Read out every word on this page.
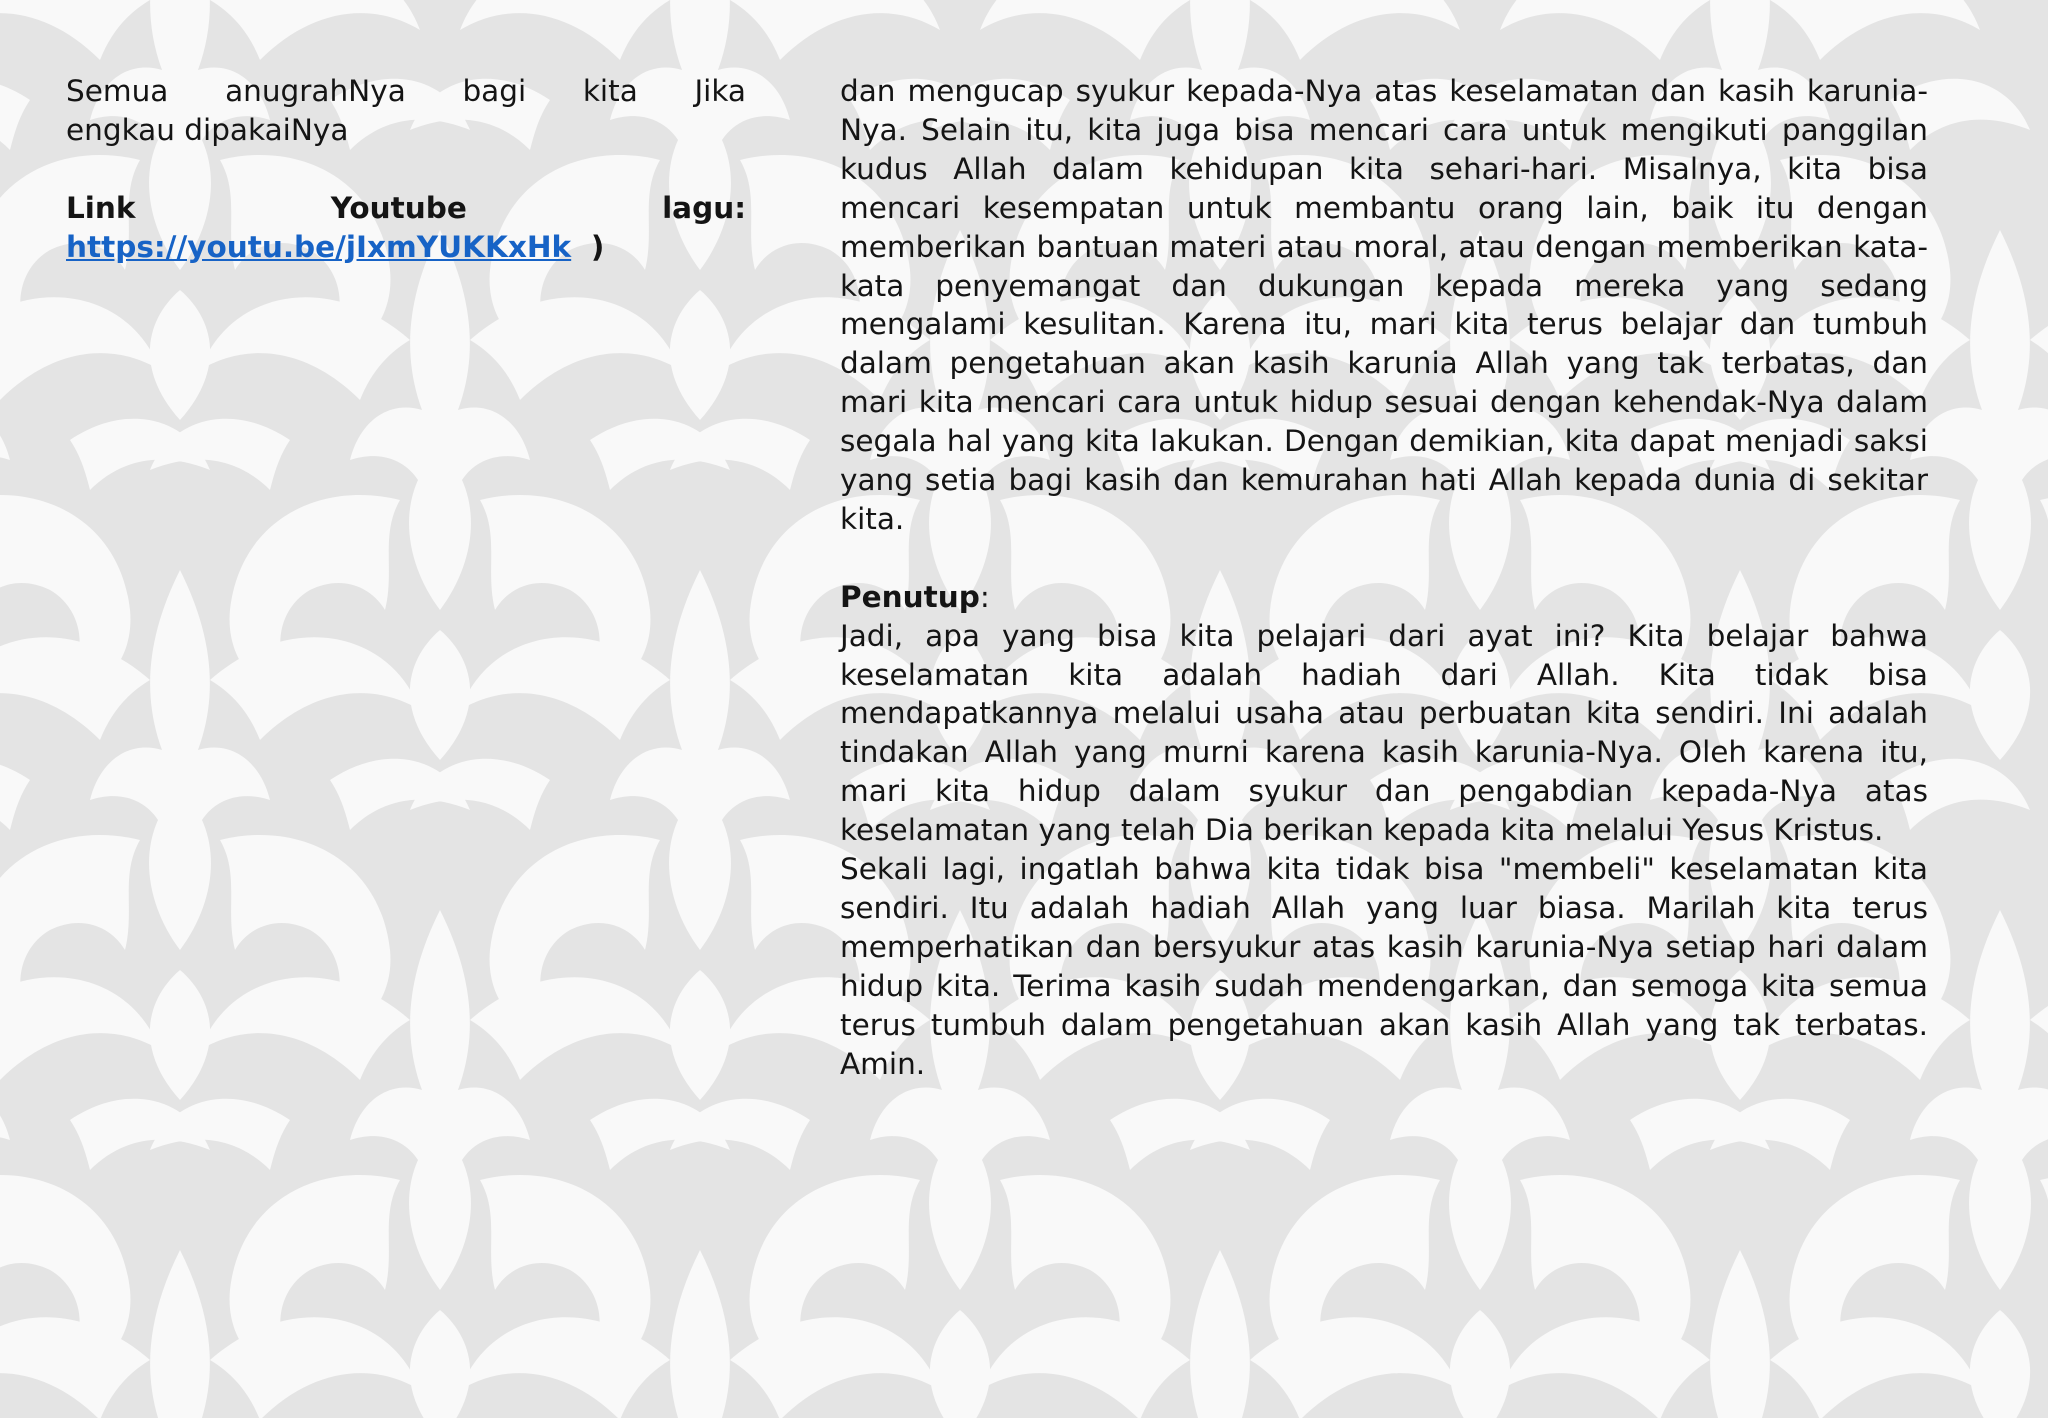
Semua anugrahNya bagi kita Jika

engkau dipakaiNya

Link	Youtube	lagu:

https://youtu.be/jIxmYUKKxHk )

dan mengucap syukur kepada-Nya atas keselamatan dan kasih karunia-Nya. Selain itu, kita juga bisa mencari cara untuk mengikuti panggilan kudus Allah dalam kehidupan kita sehari-hari. Misalnya, kita bisa mencari kesempatan untuk membantu orang lain, baik itu dengan memberikan bantuan materi atau moral, atau dengan memberikan kata-kata penyemangat dan dukungan kepada mereka yang sedang mengalami kesulitan. Karena itu, mari kita terus belajar dan tumbuh dalam pengetahuan akan kasih karunia Allah yang tak terbatas, dan mari kita mencari cara untuk hidup sesuai dengan kehendak-Nya dalam segala hal yang kita lakukan. Dengan demikian, kita dapat menjadi saksi yang setia bagi kasih dan kemurahan hati Allah kepada dunia di sekitar kita.

Penutup:

Jadi, apa yang bisa kita pelajari dari ayat ini? Kita belajar bahwa keselamatan kita adalah hadiah dari Allah. Kita tidak bisa mendapatkannya melalui usaha atau perbuatan kita sendiri. Ini adalah tindakan Allah yang murni karena kasih karunia-Nya. Oleh karena itu, mari kita hidup dalam syukur dan pengabdian kepada-Nya atas keselamatan yang telah Dia berikan kepada kita melalui Yesus Kristus.

Sekali lagi, ingatlah bahwa kita tidak bisa "membeli" keselamatan kita sendiri. Itu adalah hadiah Allah yang luar biasa. Marilah kita terus memperhatikan dan bersyukur atas kasih karunia-Nya setiap hari dalam hidup kita. Terima kasih sudah mendengarkan, dan semoga kita semua terus tumbuh dalam pengetahuan akan kasih Allah yang tak terbatas. Amin.
